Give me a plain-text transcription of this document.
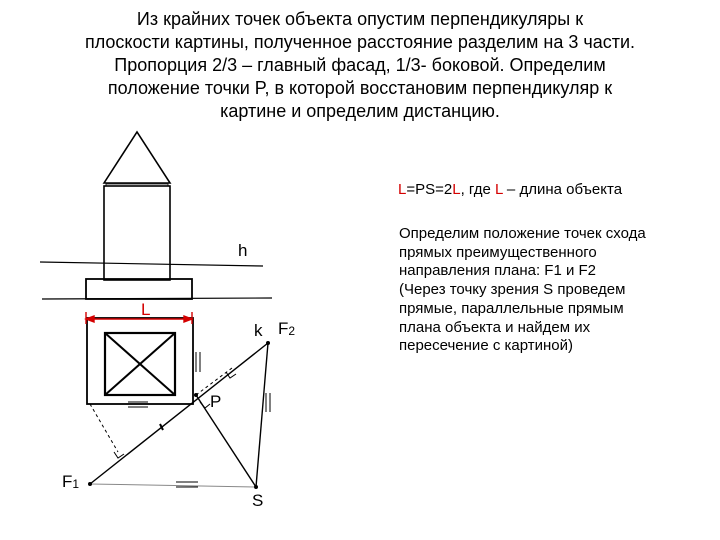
Из крайних точек объекта опустим перпендикуляры к
плоскости картины, полученное расстояние разделим на 3 части.
Пропорция 2/3 – главный фасад, 1/3- боковой. Определим
положение точки P, в которой восстановим перпендикуляр к
картине и определим дистанцию.
L=PS=2L, где L – длина объекта
Определим положение точек схода
прямых преимущественного
направления плана: F1 и F2
(Через точку зрения S проведем
прямые, параллельные прямым
плана объекта и найдем их
пересечение с картиной)
h
L
k F2
P
F1
S
